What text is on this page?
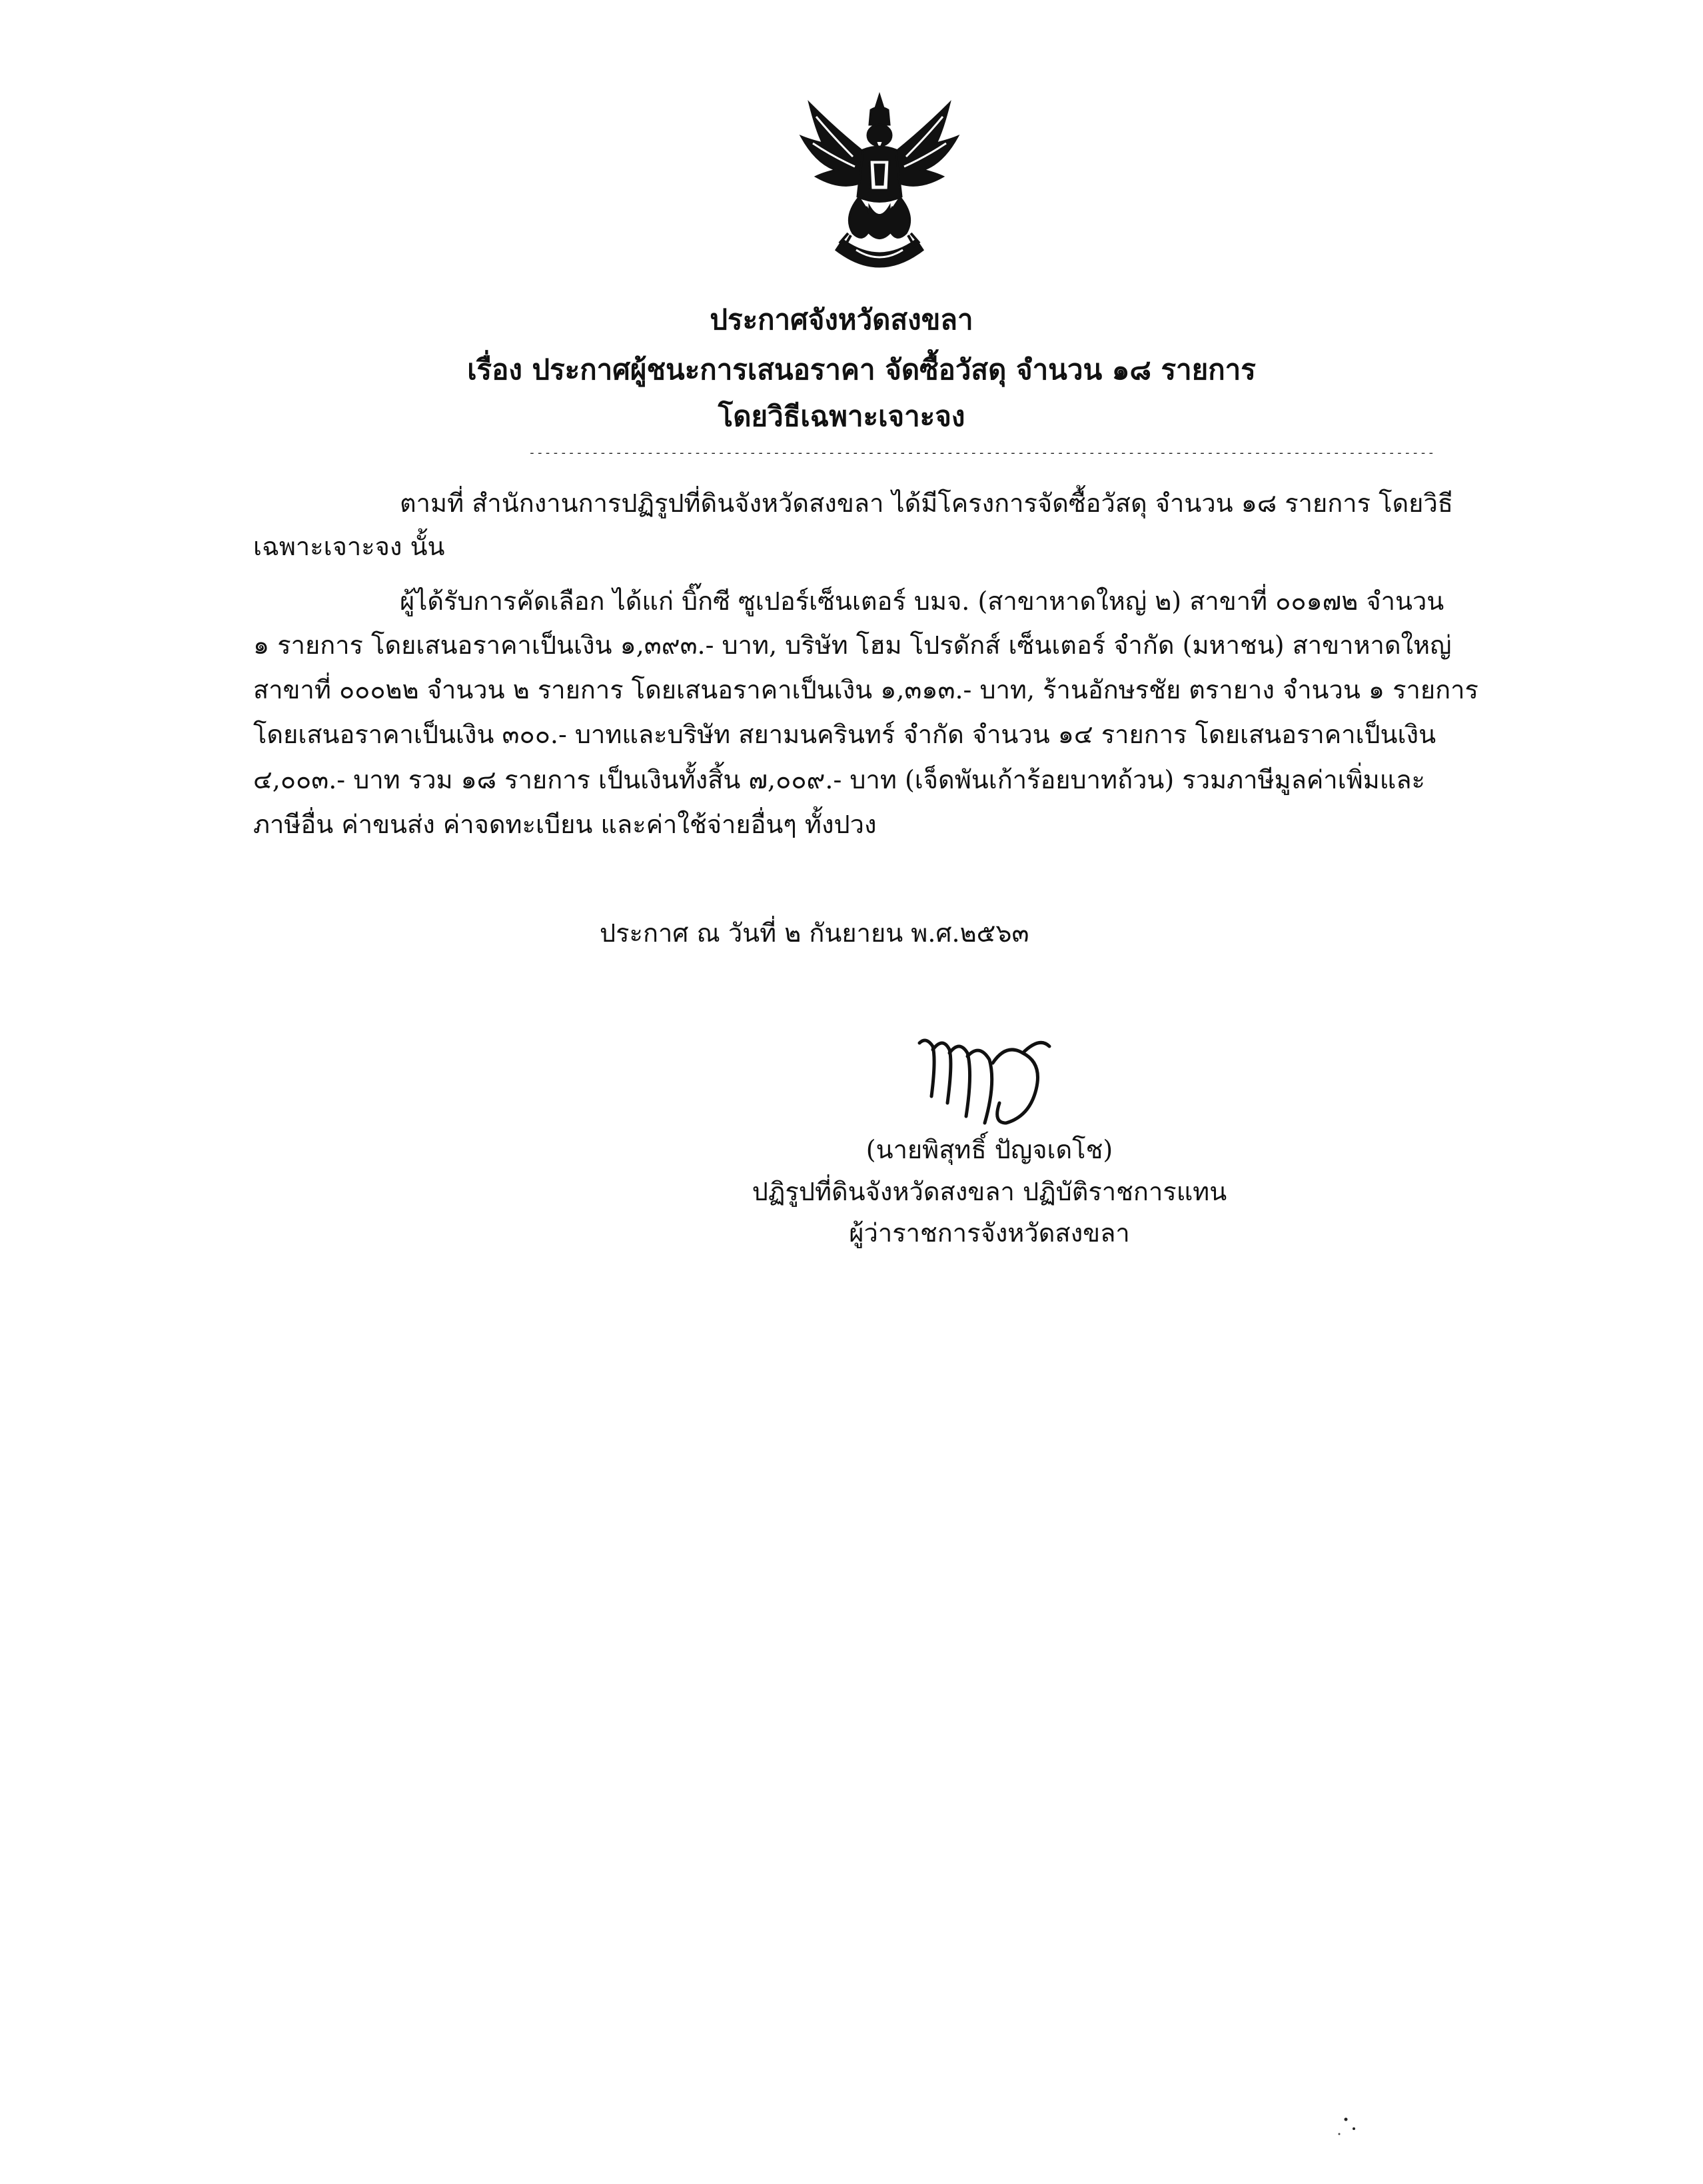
ประกาศจังหวัดสงขลา
เรื่อง ประกาศผู้ชนะการเสนอราคา จัดซื้อวัสดุ จำนวน ๑๘ รายการ
โดยวิธีเฉพาะเจาะจง
-------------------------------------------------------------------------------------------------------------------
ตามที่ สำนักงานการปฏิรูปที่ดินจังหวัดสงขลา ได้มีโครงการจัดซื้อวัสดุ จำนวน ๑๘ รายการ โดยวิธี
เฉพาะเจาะจง นั้น
ผู้ได้รับการคัดเลือก ได้แก่ บิ๊กซี ซูเปอร์เซ็นเตอร์ บมจ. (สาขาหาดใหญ่ ๒) สาขาที่ ๐๐๑๗๒ จำนวน
๑ รายการ โดยเสนอราคาเป็นเงิน ๑,๓๙๓.- บาท, บริษัท โฮม โปรดักส์ เซ็นเตอร์ จำกัด (มหาชน) สาขาหาดใหญ่
สาขาที่ ๐๐๐๒๒ จำนวน ๒ รายการ โดยเสนอราคาเป็นเงิน ๑,๓๑๓.- บาท, ร้านอักษรชัย ตรายาง จำนวน ๑ รายการ
โดยเสนอราคาเป็นเงิน ๓๐๐.- บาทและบริษัท สยามนครินทร์ จำกัด จำนวน ๑๔ รายการ โดยเสนอราคาเป็นเงิน
๔,๐๐๓.- บาท รวม ๑๘ รายการ เป็นเงินทั้งสิ้น ๗,๐๐๙.- บาท (เจ็ดพันเก้าร้อยบาทถ้วน) รวมภาษีมูลค่าเพิ่มและ
ภาษีอื่น ค่าขนส่ง ค่าจดทะเบียน และค่าใช้จ่ายอื่นๆ ทั้งปวง
ประกาศ ณ วันที่ ๒ กันยายน พ.ศ.๒๕๖๓
(นายพิสุทธิ์ ปัญจเดโช)
ปฏิรูปที่ดินจังหวัดสงขลา ปฏิบัติราชการแทน
ผู้ว่าราชการจังหวัดสงขลา
